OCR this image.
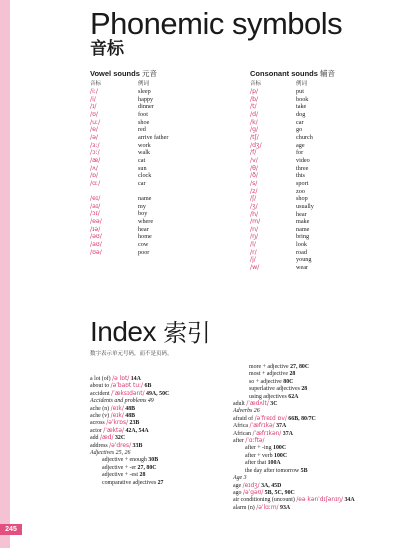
245
Phonemic symbols
音标
Vowel sounds 元音
音标	例词
/iː/	sleep
/i/	happy
/ɪ/	dinner
/ʊ/	foot
/uː/	shoe
/e/	red
/ə/	arrive father
/ɜː/	work
/ɔː/	walk
/æ/	cat
/ʌ/	sun
/ɒ/	clock
/ɑː/	car
/eɪ/	name
/aɪ/	my
/ɔɪ/	boy
/eə/	where
/ɪə/	hear
/əʊ/	home
/aʊ/	cow
/ʊə/	poor
Consonant sounds 辅音
音标	例词
/p/	put
/b/	book
/t/	take
/d/	dog
/k/	car
/g/	go
/tʃ/	church
/dʒ/	age
/f/	for
/v/	video
/θ/	three
/ð/	this
/s/	sport
/z/	zoo
/ʃ/	shop
/ʒ/	usually
/h/	hear
/m/	make
/n/	name
/ŋ/	bring
/l/	look
/r/	road
/j/	young
/w/	wear
Index 索引
数字表示单元号码，而不是页码。
a lot (of) /ə lɒt/ 14A
about to /əˈbaʊt tuː/ 6B
accident /ˈæksɪdənt/ 49A, 50C
Accidents and problems 49
ache (n) /eɪk/ 48B
ache (v) /eɪk/ 48B
across /əˈkrɒs/ 23B
actor /ˈæktə/ 42A, 54A
add /æd/ 32C
address /əˈdres/ 33B
Adjectives 25, 26
adjective + enough 30B
adjective + -er 27, 80C
adjective + -est 28
comparative adjectives 27
more + adjective 27, 80C
most + adjective 28
so + adjective 80C
superlative adjectives 28
using adjectives 62A
adult /ˈædʌlt/ 3C
Adverbs 26
afraid of /əˈfreɪd ɒv/ 66B, 80/7C
Africa /ˈæfrɪkə/ 37A
African /ˈæfrɪkən/ 37A
after /ˈɑːftə/
after + -ing 100C
after + verb 100C
after that 100A
the day after tomorrow 5B
Age 3
age /eɪdʒ/ 3A, 45D
ago /əˈgəʊ/ 5B, 5C, 90C
air conditioning (uncount) /eə kənˈdɪʃənɪŋ/ 34A
alarm (n) /əˈlɑːm/ 93A
